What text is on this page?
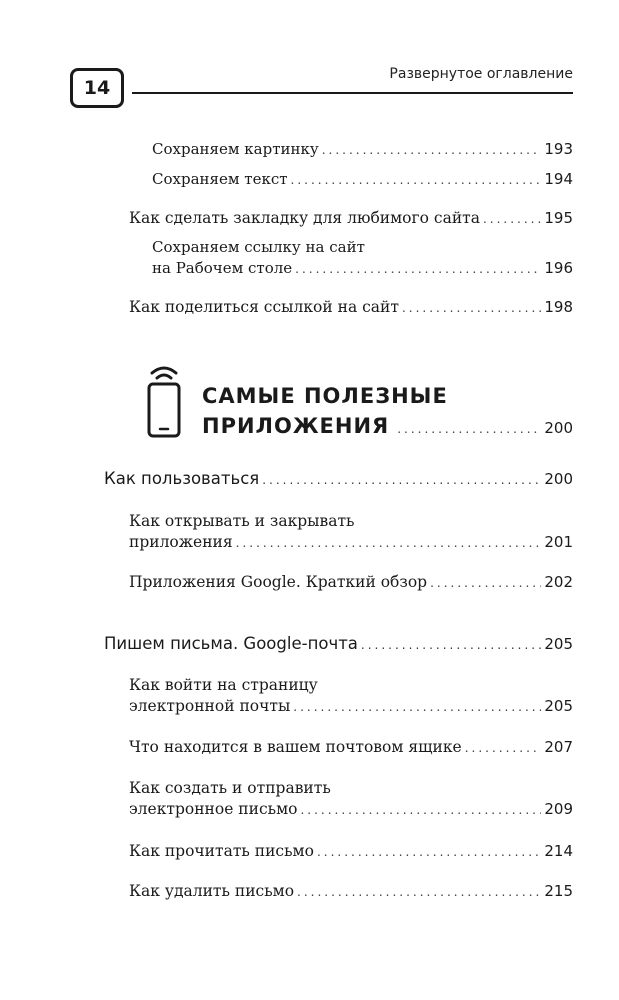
14
Развернутое оглавление
Сохраняем картинку .....	193
Сохраняем текст .....	194
Как сделать закладку для любимого сайта .....	195
Сохраняем ссылку на сайт
на Рабочем столе .....	196
Как поделиться ссылкой на сайт .....	198
САМЫЕ ПОЛЕЗНЫЕ
ПРИЛОЖЕНИЯ .....	200
Как пользоваться .....	200
Как открывать и закрывать
приложения .....	201
Приложения Google. Краткий обзор .....	202
Пишем письма. Google-почта .....	205
Как войти на страницу
электронной почты .....	205
Что находится в вашем почтовом ящике .....	207
Как создать и отправить
электронное письмо .....	209
Как прочитать письмо .....	214
Как удалить письмо .....	215
